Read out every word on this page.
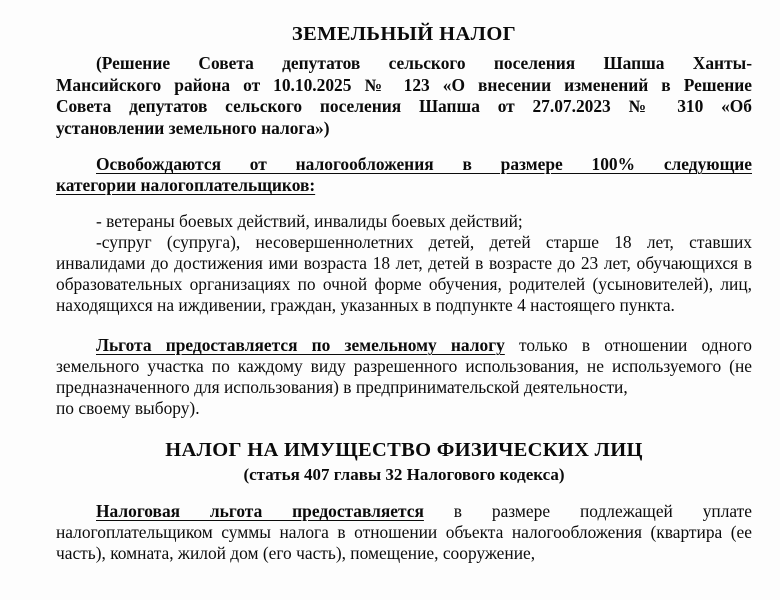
ЗЕМЕЛЬНЫЙ НАЛОГ

(Решение Совета депутатов сельского поселения Шапша Ханты-
Мансийского района от 10.10.2025 № 123 «О внесении изменений в Решение
Совета депутатов сельского поселения Шапша от 27.07.2023 № 310 «Об
установлении земельного налога»)

Освобождаются от налогообложения в размере 100% следующие
категории налогоплательщиков:

- ветераны боевых действий, инвалиды боевых действий;

-супруг (супруга), несовершеннолетних детей, детей старше 18 лет, ставших инвалидами до достижения ими возраста 18 лет, детей в возрасте до 23 лет, обучающихся в образовательных организациях по очной форме обучения, родителей (усыновителей), лиц, находящихся на иждивении, граждан, указанных в подпункте 4 настоящего пункта.

Льгота предоставляется по земельному налогу только в отношении одного земельного участка по каждому виду разрешенного использования, не используемого (не предназначенного для использования) в предпринимательской деятельности,

по своему выбору).

НАЛОГ НА ИМУЩЕСТВО ФИЗИЧЕСКИХ ЛИЦ
(статья 407 главы 32 Налогового кодекса)

Налоговая льгота предоставляется в размере подлежащей уплате налогоплательщиком суммы налога в отношении объекта налогообложения (квартира (ее часть), комната, жилой дом (его часть), помещение, сооружение,
